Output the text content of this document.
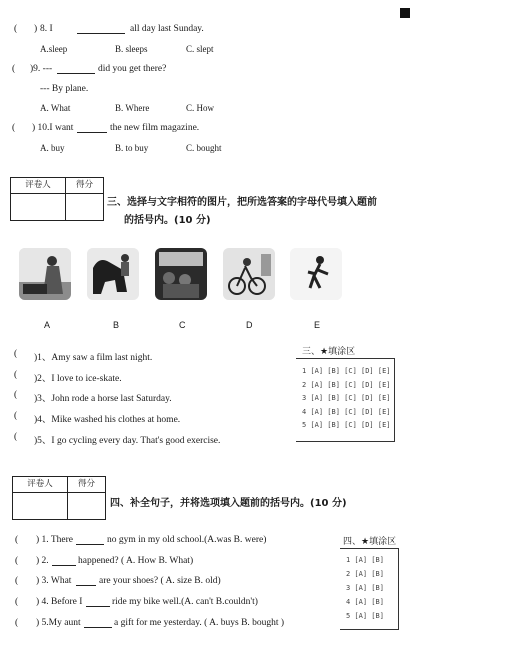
( ) 8. I	all day last Sunday.
A.sleep	B. sleeps	C. slept
( )9. ---	did you get there?
--- By plane.
A. What	B. Where	C. How
( ) 10.I want	the new film magazine.
A. buy	B. to buy	C. bought
评卷人	得分
三、选择与文字相符的图片，把所选答案的字母代号填入题前
的括号内。(10 分)
A	B	C	D	E
( )1、Amy saw a film last night.
( )2、I love to ice-skate.
( )3、John rode a horse last Saturday.
( )4、Mike washed his clothes at home.
( )5、I go cycling every day. That's good exercise.
三、★填涂区
1 [A] [B] [C] [D] [E]
2 [A] [B] [C] [D] [E]
3 [A] [B] [C] [D] [E]
4 [A] [B] [C] [D] [E]
5 [A] [B] [C] [D] [E]
评卷人	得分
四、补全句子，并将选项填入题前的括号内。(10 分)
( ) 1. There	no gym in my old school.(A.was B. were)
( ) 2.	happened? ( A. How B. What)
( ) 3. What	are your shoes? ( A. size B. old)
( ) 4. Before I	ride my bike well.(A. can't B.couldn't)
( ) 5.My aunt	a gift for me yesterday. ( A. buys B. bought )
四、★填涂区
1 [A] [B]
2 [A] [B]
3 [A] [B]
4 [A] [B]
5 [A] [B]
